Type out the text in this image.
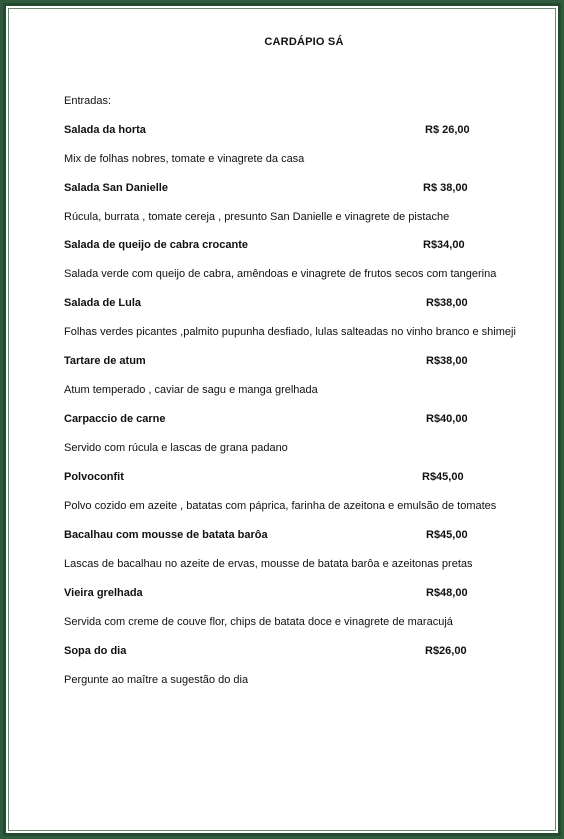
CARDÁPIO SÁ
Entradas:
Salada da horta	R$ 26,00
Mix de folhas nobres, tomate e vinagrete da casa
Salada San Danielle	R$ 38,00
Rúcula, burrata , tomate cereja , presunto San Danielle e vinagrete de pistache
Salada de queijo de cabra crocante	R$34,00
Salada verde com queijo de cabra, amêndoas e vinagrete de frutos secos com tangerina
Salada de Lula	R$38,00
Folhas verdes picantes ,palmito pupunha desfiado, lulas salteadas no vinho branco e shimeji
Tartare de atum	R$38,00
Atum temperado , caviar de sagu e manga grelhada
Carpaccio de carne	R$40,00
Servido com rúcula e lascas de grana padano
Polvoconfit	R$45,00
Polvo cozido em azeite , batatas com páprica, farinha de azeitona e emulsão de tomates
Bacalhau com mousse de batata barôa	R$45,00
Lascas de bacalhau no azeite de ervas, mousse de batata barôa e azeitonas pretas
Vieira grelhada	R$48,00
Servida com creme de couve flor, chips de batata doce e vinagrete de maracujá
Sopa do dia	R$26,00
Pergunte ao maître a sugestão do dia
